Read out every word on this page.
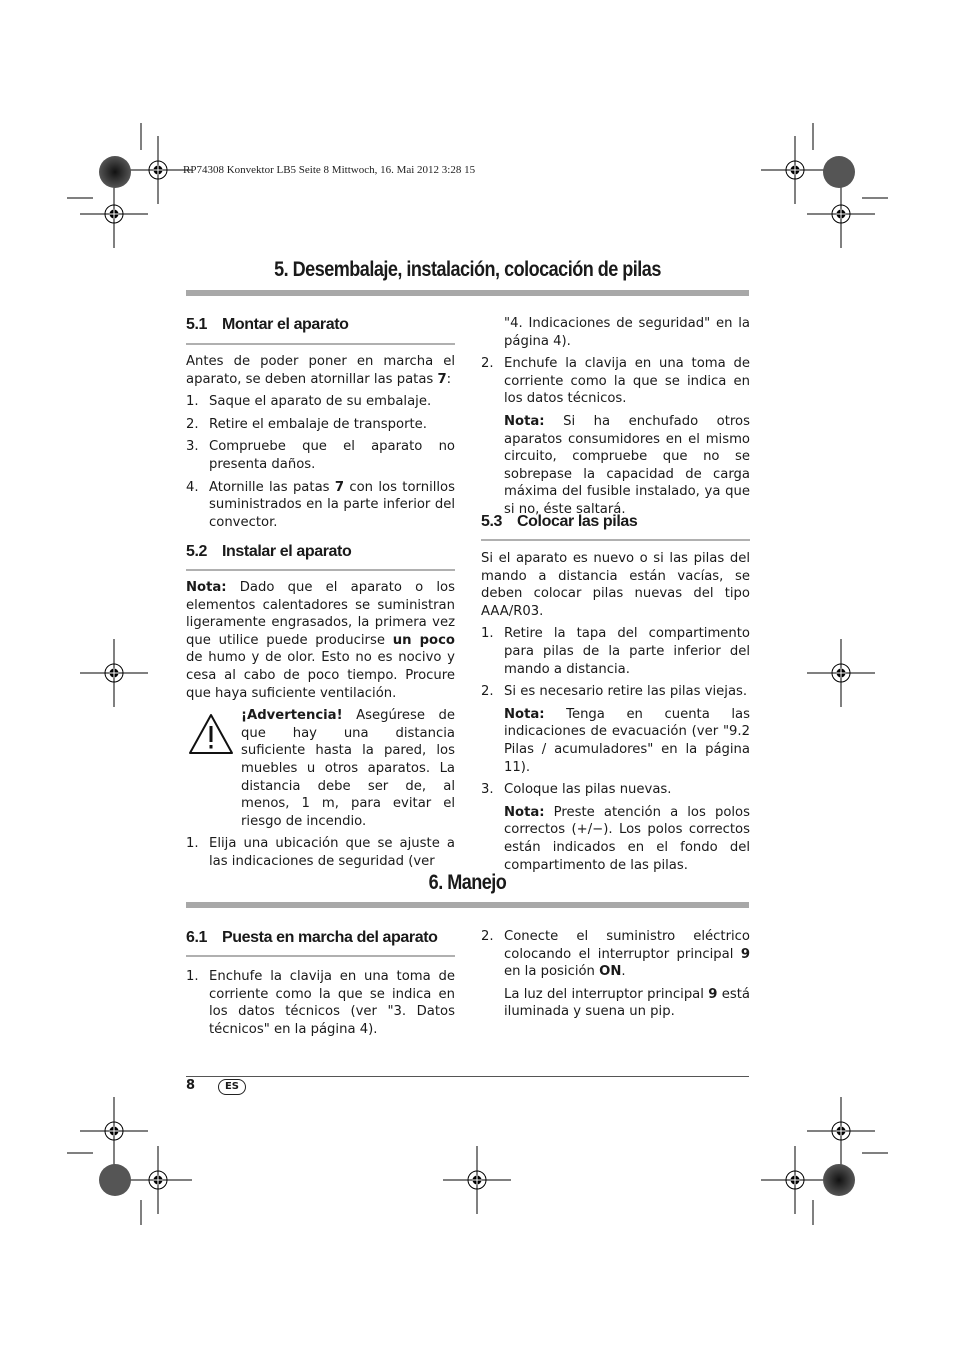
RP74308 Konvektor LB5 Seite 8 Mittwoch, 16. Mai 2012 3:28 15
5. Desembalaje, instalación, colocación de pilas
5.1 Montar el aparato

Antes de poder poner en marcha el aparato, se deben atornillar las patas 7:

1. Saque el aparato de su embalaje.
2. Retire el embalaje de transporte.
3. Compruebe que el aparato no presenta daños.
4. Atornille las patas 7 con los tornillos suministrados en la parte inferior del convector.
5.2 Instalar el aparato

Nota: Dado que el aparato o los elementos calentadores se suministran ligeramente engrasados, la primera vez que utilice puede producirse un poco de humo y de olor. Esto no es nocivo y cesa al cabo de poco tiempo. Procure que haya suficiente ventilación.

¡Advertencia! Asegúrese de que hay una distancia suficiente hasta la pared, los muebles u otros aparatos. La distancia debe ser de, al menos, 1 m, para evitar el riesgo de incendio.
1. Elija una ubicación que se ajuste a las indicaciones de seguridad (ver
"4. Indicaciones de seguridad" en la página 4).
2. Enchufe la clavija en una toma de corriente como la que se indica en los datos técnicos.
Nota: Si ha enchufado otros aparatos consumidores en el mismo circuito, compruebe que no se sobrepase la capacidad de carga máxima del fusible instalado, ya que si no, éste saltará.
5.3 Colocar las pilas

Si el aparato es nuevo o si las pilas del mando a distancia están vacías, se deben colocar pilas nuevas del tipo AAA/R03.

1. Retire la tapa del compartimento para pilas de la parte inferior del mando a distancia.
2. Si es necesario retire las pilas viejas.
Nota: Tenga en cuenta las indicaciones de evacuación (ver "9.2 Pilas / acumuladores" en la página 11).
3. Coloque las pilas nuevas.
Nota: Preste atención a los polos correctos (+/−). Los polos correctos están indicados en el fondo del compartimento de las pilas.
6. Manejo
6.1 Puesta en marcha del aparato
1. Enchufe la clavija en una toma de corriente como la que se indica en los datos técnicos (ver "3. Datos técnicos" en la página 4).
2. Conecte el suministro eléctrico colocando el interruptor principal 9 en la posición ON.
La luz del interruptor principal 9 está iluminada y suena un pip.
8	ES
